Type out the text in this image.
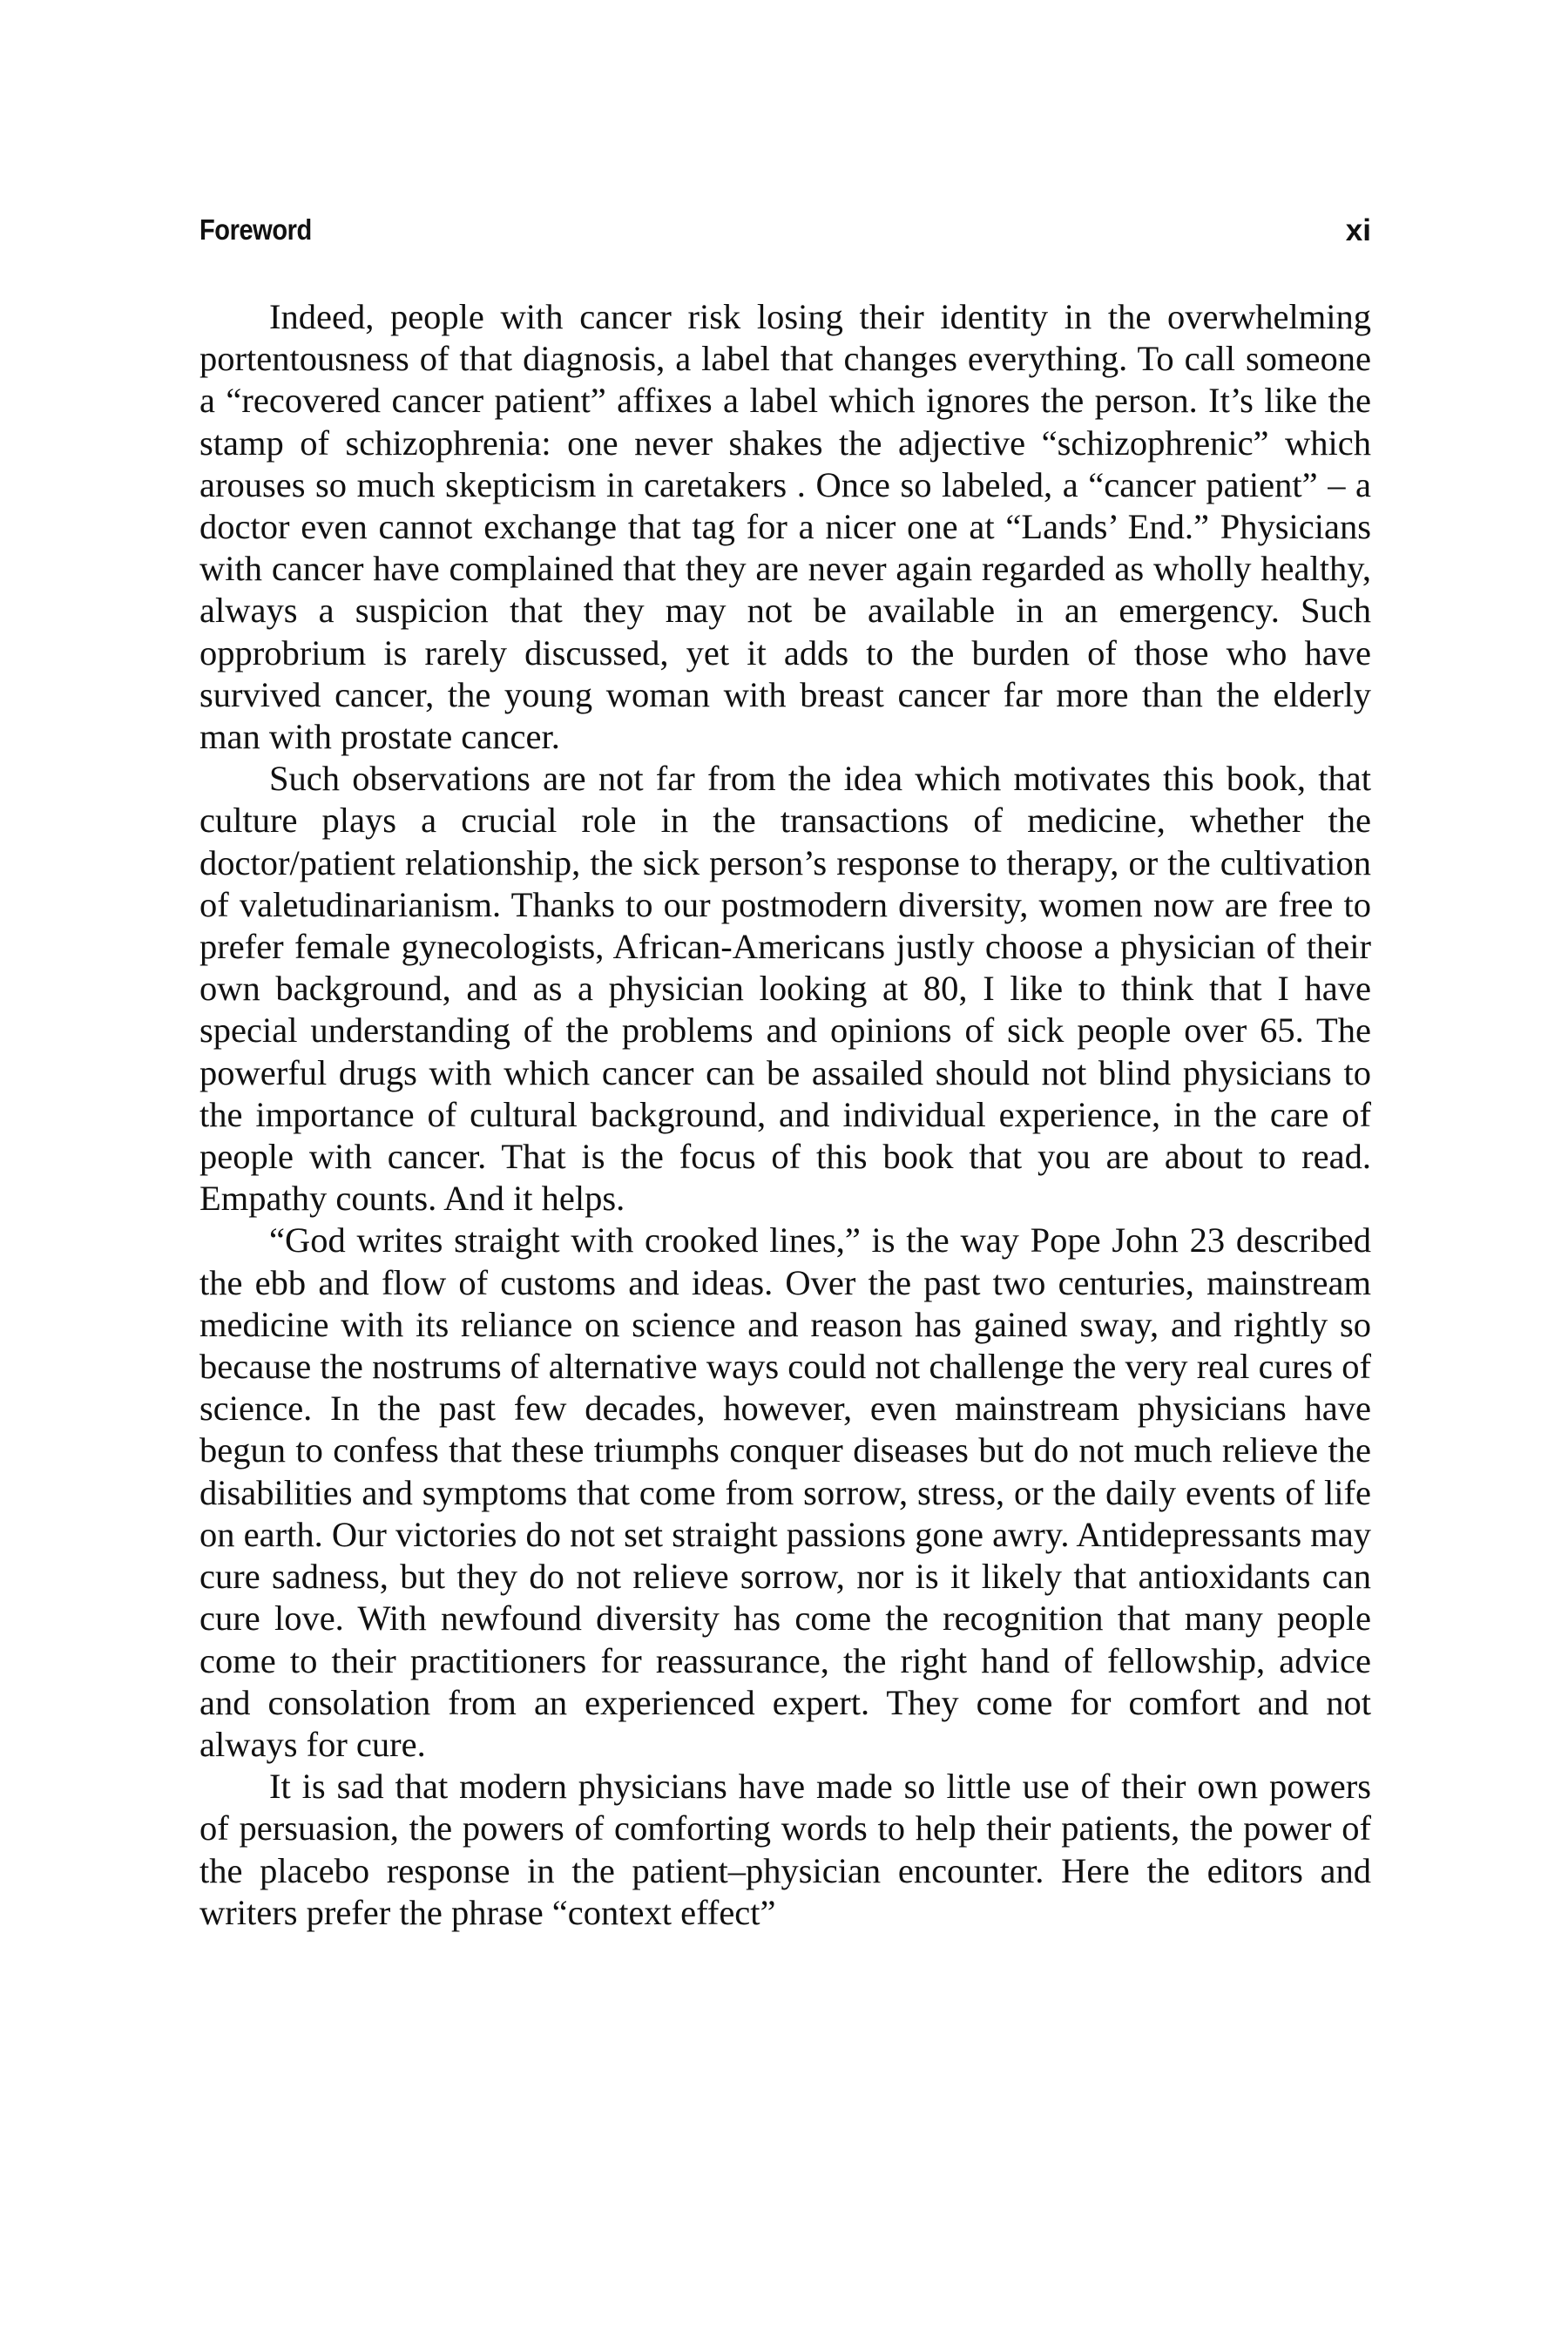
Foreword	xi

Indeed, people with cancer risk losing their identity in the overwhelming portentousness of that diagnosis, a label that changes everything. To call someone a “recovered cancer patient” affixes a label which ignores the person. It’s like the stamp of schizophrenia: one never shakes the adjective “schizophrenic” which arouses so much skepticism in caretakers . Once so labeled, a “cancer patient” – a doctor even cannot exchange that tag for a nicer one at “Lands’ End.” Physicians with cancer have complained that they are never again regarded as wholly healthy, always a suspicion that they may not be available in an emergency. Such opprobrium is rarely discussed, yet it adds to the burden of those who have survived cancer, the young woman with breast cancer far more than the elderly man with prostate cancer.

Such observations are not far from the idea which motivates this book, that culture plays a crucial role in the transactions of medicine, whether the doctor/patient relationship, the sick person’s response to therapy, or the cultivation of valetudinarianism. Thanks to our postmodern diversity, women now are free to prefer female gynecologists, African-Americans justly choose a physician of their own background, and as a physician looking at 80, I like to think that I have special understanding of the problems and opinions of sick people over 65. The powerful drugs with which cancer can be assailed should not blind physicians to the importance of cultural background, and individual experience, in the care of people with cancer. That is the focus of this book that you are about to read. Empathy counts. And it helps.

“God writes straight with crooked lines,” is the way Pope John 23 described the ebb and flow of customs and ideas. Over the past two centuries, mainstream medicine with its reliance on science and reason has gained sway, and rightly so because the nostrums of alternative ways could not challenge the very real cures of science. In the past few decades, however, even mainstream physicians have begun to confess that these triumphs conquer diseases but do not much relieve the disabilities and symptoms that come from sorrow, stress, or the daily events of life on earth. Our victories do not set straight passions gone awry. Antidepressants may cure sadness, but they do not relieve sorrow, nor is it likely that antioxidants can cure love. With newfound diversity has come the recognition that many people come to their practitioners for reassurance, the right hand of fellowship, advice and consolation from an experienced expert. They come for comfort and not always for cure.

It is sad that modern physicians have made so little use of their own powers of persuasion, the powers of comforting words to help their patients, the power of the placebo response in the patient–physician encounter. Here the editors and writers prefer the phrase “context effect”
